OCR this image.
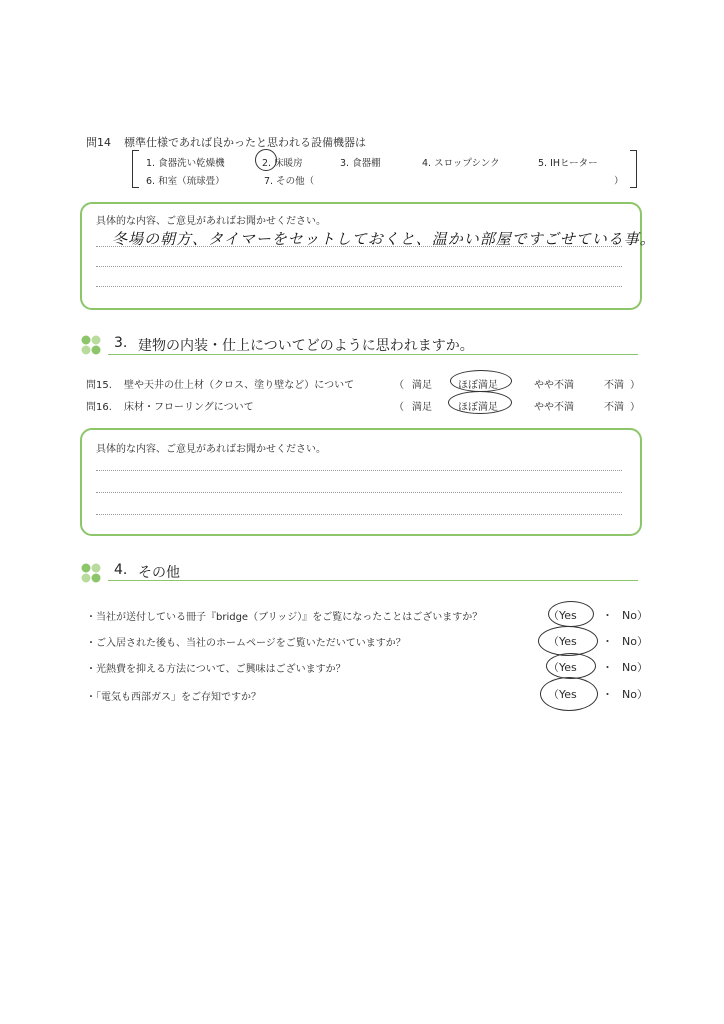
問14 標準仕様であれば良かったと思われる設備機器は
1. 食器洗い乾燥機	2. 床暖房	3. 食器棚	4. スロップシンク	5. IHヒーター
6. 和室（琉球畳）	7. その他（	）
具体的な内容、ご意見があればお聞かせください。
冬場の朝方、タイマーをセットしておくと、温かい部屋ですごせている事。
3. 建物の内装・仕上についてどのように思われますか。
問15. 壁や天井の仕上材（クロス、塗り壁など）について	（ 満足	ほぼ満足	やや不満	不満 ）
問16. 床材・フローリングについて	（ 満足	ほぼ満足	やや不満	不満 ）
具体的な内容、ご意見があればお聞かせください。
4. その他
・当社が送付している冊子『bridge（ブリッジ）』をご覧になったことはございますか？	（Yes ・ No）
・ご入居された後も、当社のホームページをご覧いただいていますか？	（Yes ・ No）
・光熱費を抑える方法について、ご興味はございますか？	（Yes ・ No）
・「電気も西部ガス」をご存知ですか？	（Yes ・ No）
